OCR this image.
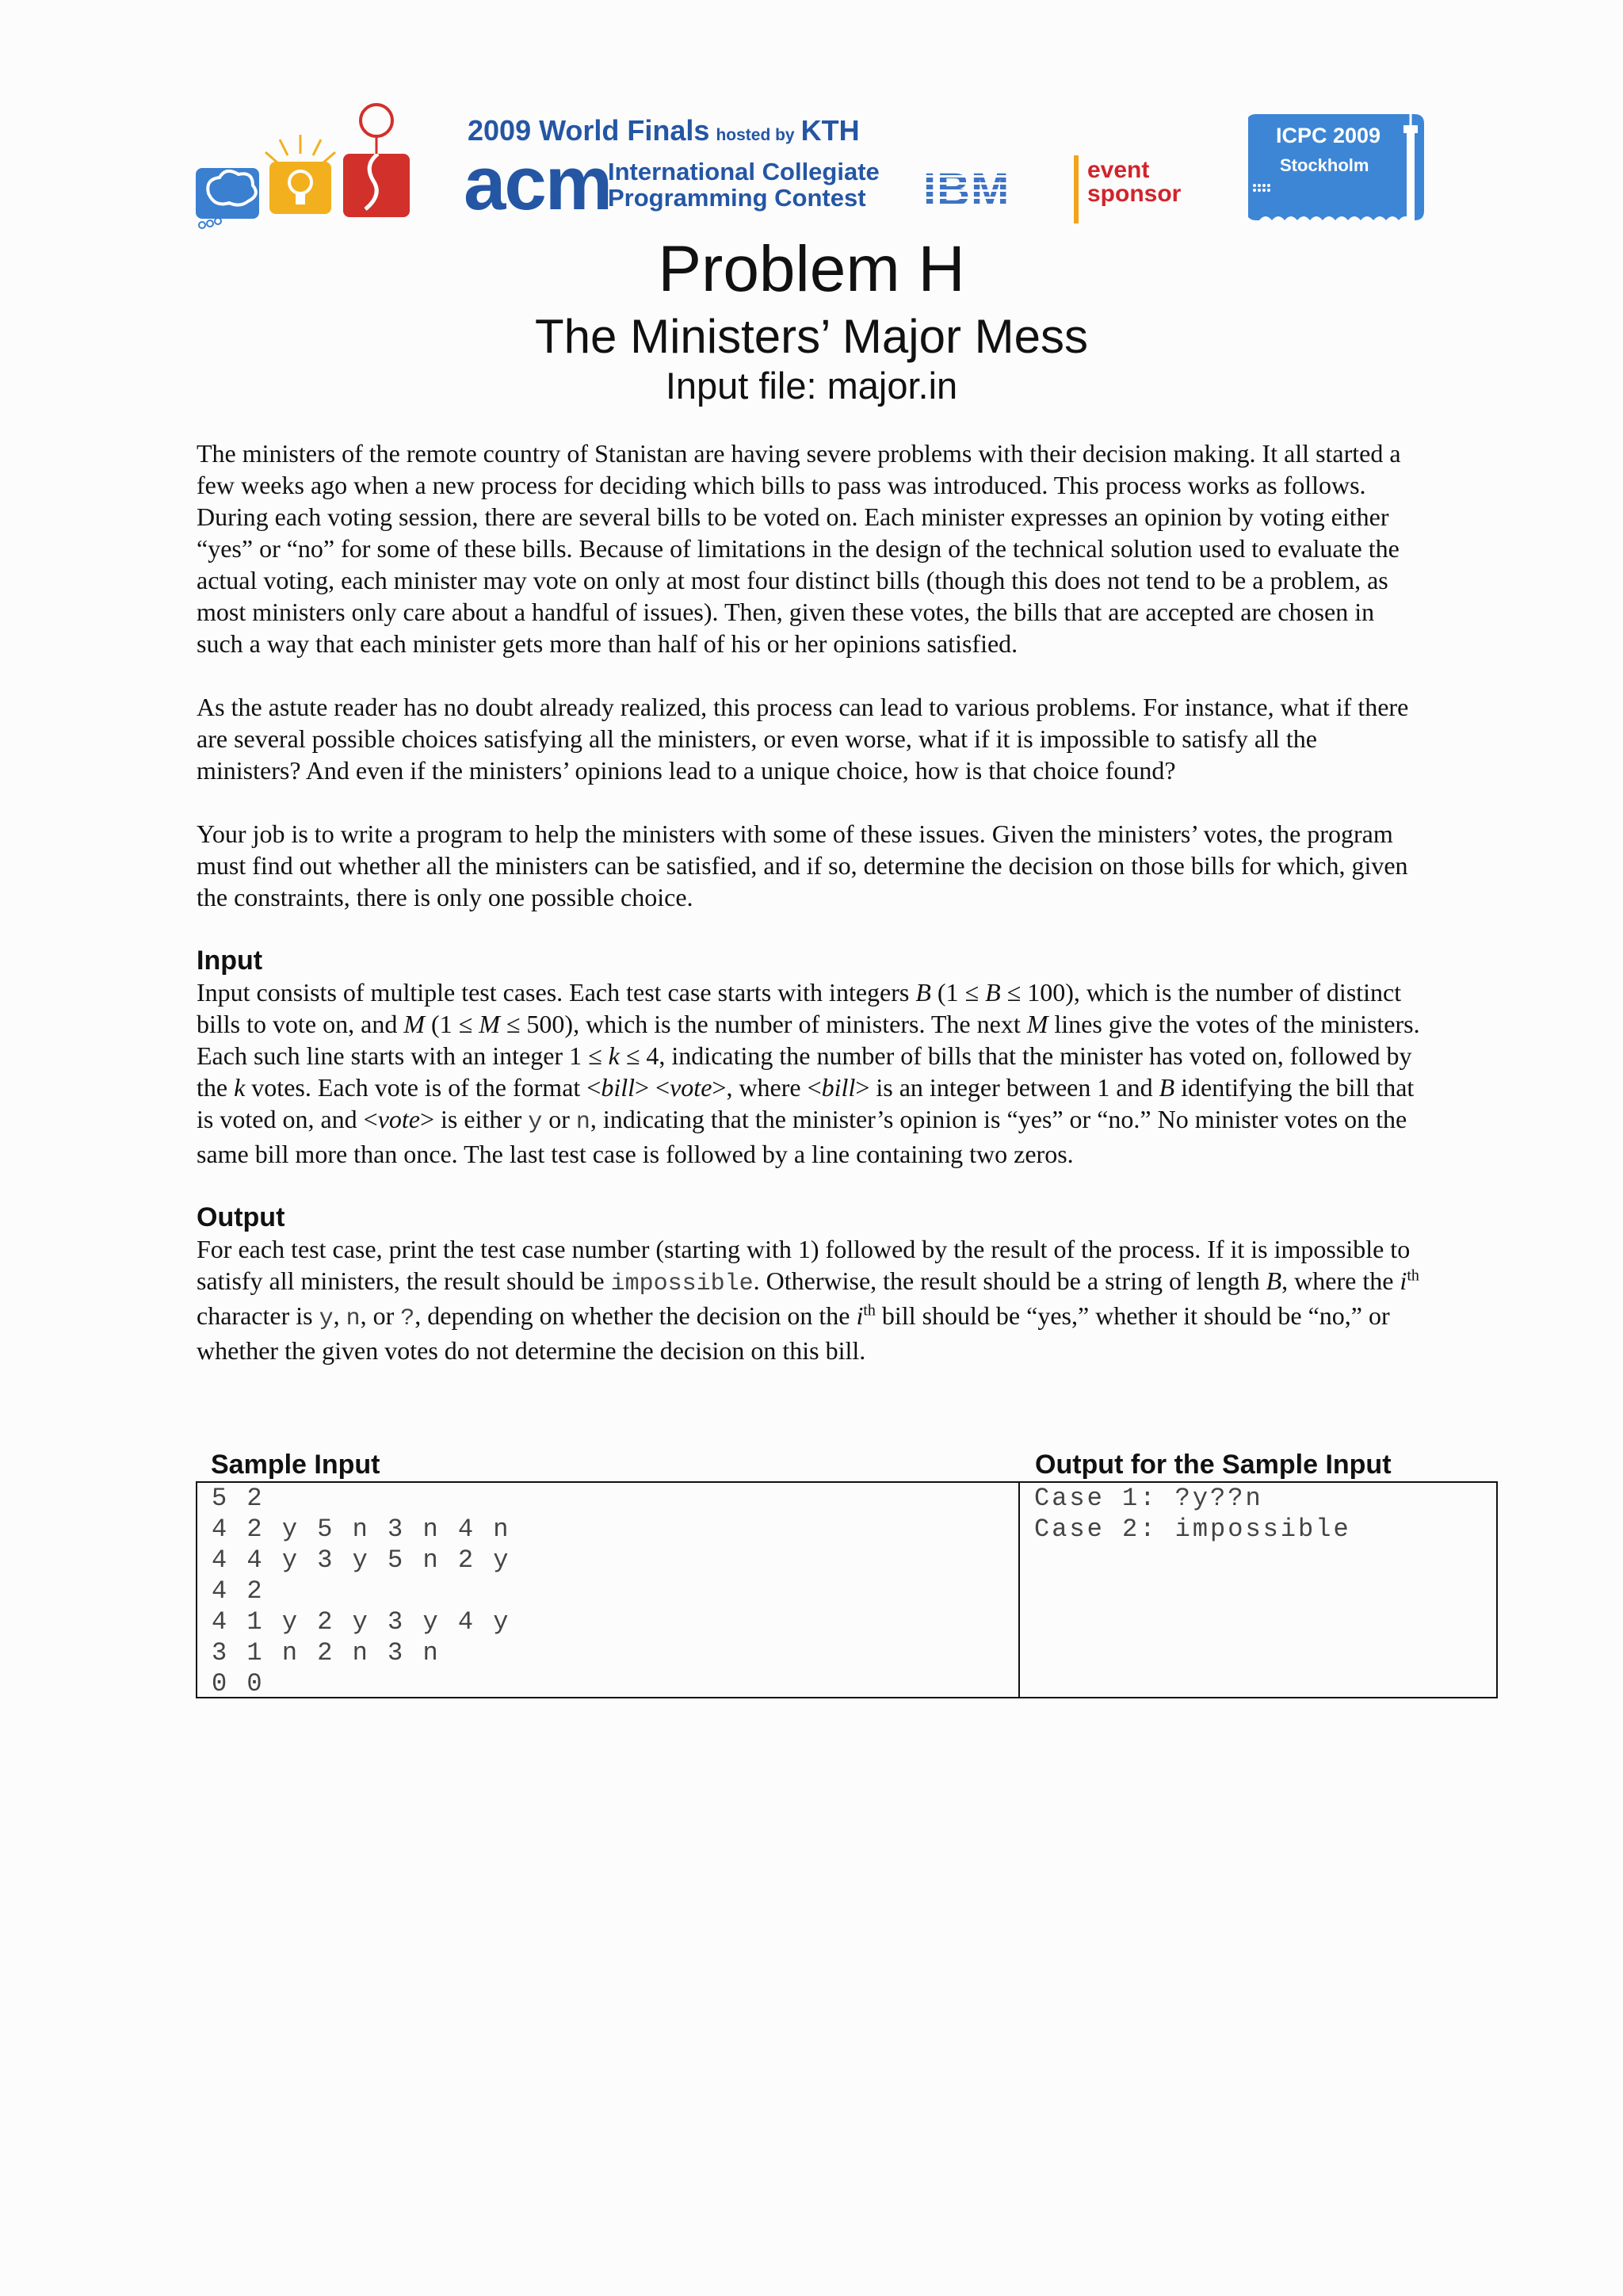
2009 World Finals hosted by KTH
acm
International Collegiate
Programming Contest IBM	event
sponsor
ICPC 2009
Stockholm
Problem H
The Ministers’ Major Mess
Input file: major.in

The ministers of the remote country of Stanistan are having severe problems with their decision making. It all started a few weeks ago when a new process for deciding which bills to pass was introduced. This process works as follows. During each voting session, there are several bills to be voted on. Each minister expresses an opinion by voting either “yes” or “no” for some of these bills. Because of limitations in the design of the technical solution used to evaluate the actual voting, each minister may vote on only at most four distinct bills (though this does not tend to be a problem, as most ministers only care about a handful of issues). Then, given these votes, the bills that are accepted are chosen in such a way that each minister gets more than half of his or her opinions satisfied.

As the astute reader has no doubt already realized, this process can lead to various problems. For instance, what if there are several possible choices satisfying all the ministers, or even worse, what if it is impossible to satisfy all the ministers? And even if the ministers’ opinions lead to a unique choice, how is that choice found?

Your job is to write a program to help the ministers with some of these issues. Given the ministers’ votes, the program must find out whether all the ministers can be satisfied, and if so, determine the decision on those bills for which, given the constraints, there is only one possible choice.

Input

Input consists of multiple test cases. Each test case starts with integers B (1 ≤ B ≤ 100), which is the number of distinct bills to vote on, and M (1 ≤ M ≤ 500), which is the number of ministers. The next M lines give the votes of the ministers. Each such line starts with an integer 1 ≤ k ≤ 4, indicating the number of bills that the minister has voted on, followed by the k votes. Each vote is of the format <bill> <vote>, where <bill> is an integer between 1 and B identifying the bill that is voted on, and <vote> is either y or n, indicating that the minister’s opinion is “yes” or “no.” No minister votes on the same bill more than once. The last test case is followed by a line containing two zeros.

Output

For each test case, print the test case number (starting with 1) followed by the result of the process. If it is impossible to satisfy all ministers, the result should be impossible. Otherwise, the result should be a string of length B, where the $i^{th}$ character is y, n, or ?, depending on whether the decision on the $i^{th}$ bill should be “yes,” whether it should be “no,” or whether the given votes do not determine the decision on this bill.

Sample Input	Output for the Sample Input
5 2
4 2 y 5 n 3 n 4 n
4 4 y 3 y 5 n 2 y
4 2
4 1 y 2 y 3 y 4 y
3 1 n 2 n 3 n
0 0
Case 1: ?y??n
Case 2: impossible
